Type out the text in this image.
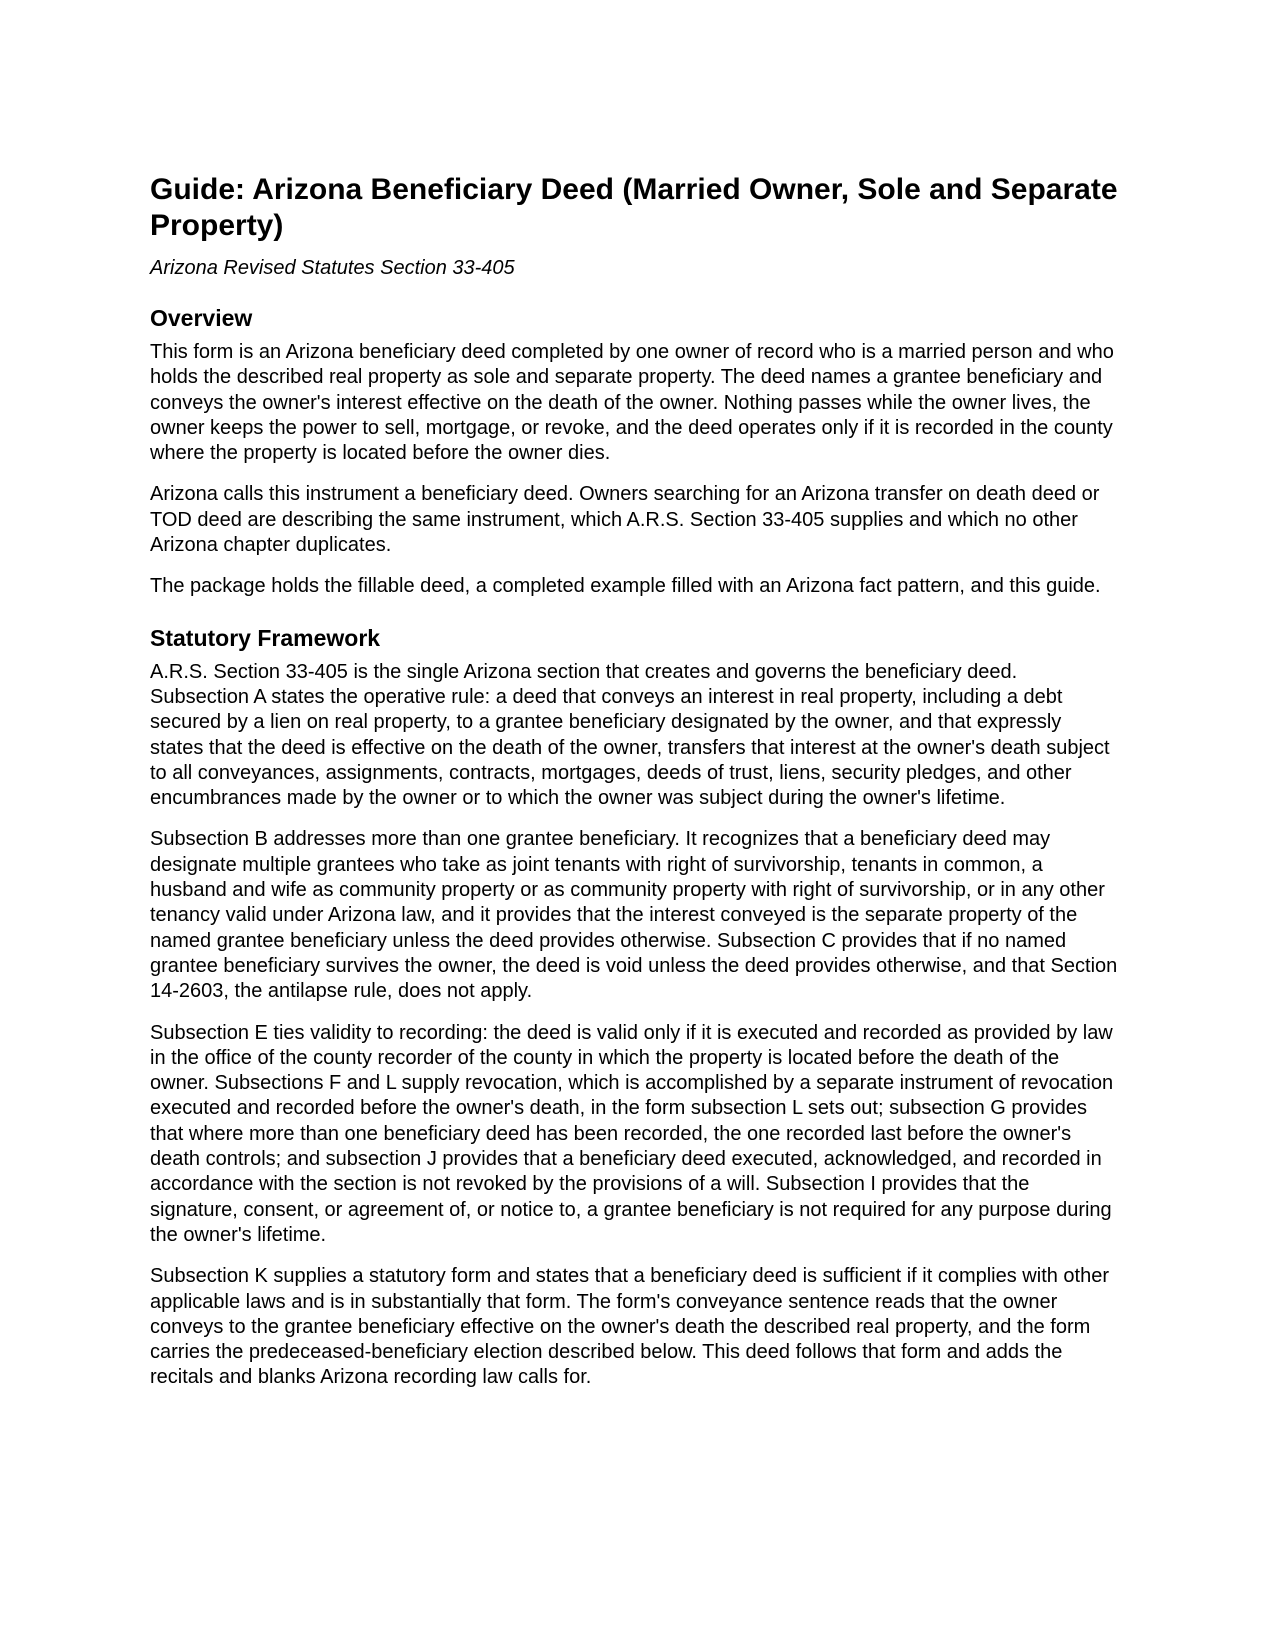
Guide: Arizona Beneficiary Deed (Married Owner, Sole and Separate Property)

Arizona Revised Statutes Section 33-405

Overview

This form is an Arizona beneficiary deed completed by one owner of record who is a married person and who holds the described real property as sole and separate property. The deed names a grantee beneficiary and conveys the owner's interest effective on the death of the owner. Nothing passes while the owner lives, the owner keeps the power to sell, mortgage, or revoke, and the deed operates only if it is recorded in the county where the property is located before the owner dies.

Arizona calls this instrument a beneficiary deed. Owners searching for an Arizona transfer on death deed or TOD deed are describing the same instrument, which A.R.S. Section 33-405 supplies and which no other Arizona chapter duplicates.

The package holds the fillable deed, a completed example filled with an Arizona fact pattern, and this guide.

Statutory Framework

A.R.S. Section 33-405 is the single Arizona section that creates and governs the beneficiary deed. Subsection A states the operative rule: a deed that conveys an interest in real property, including a debt secured by a lien on real property, to a grantee beneficiary designated by the owner, and that expressly states that the deed is effective on the death of the owner, transfers that interest at the owner's death subject to all conveyances, assignments, contracts, mortgages, deeds of trust, liens, security pledges, and other encumbrances made by the owner or to which the owner was subject during the owner's lifetime.

Subsection B addresses more than one grantee beneficiary. It recognizes that a beneficiary deed may designate multiple grantees who take as joint tenants with right of survivorship, tenants in common, a husband and wife as community property or as community property with right of survivorship, or in any other tenancy valid under Arizona law, and it provides that the interest conveyed is the separate property of the named grantee beneficiary unless the deed provides otherwise. Subsection C provides that if no named grantee beneficiary survives the owner, the deed is void unless the deed provides otherwise, and that Section 14-2603, the antilapse rule, does not apply.

Subsection E ties validity to recording: the deed is valid only if it is executed and recorded as provided by law in the office of the county recorder of the county in which the property is located before the death of the owner. Subsections F and L supply revocation, which is accomplished by a separate instrument of revocation executed and recorded before the owner's death, in the form subsection L sets out; subsection G provides that where more than one beneficiary deed has been recorded, the one recorded last before the owner's death controls; and subsection J provides that a beneficiary deed executed, acknowledged, and recorded in accordance with the section is not revoked by the provisions of a will. Subsection I provides that the signature, consent, or agreement of, or notice to, a grantee beneficiary is not required for any purpose during the owner's lifetime.

Subsection K supplies a statutory form and states that a beneficiary deed is sufficient if it complies with other applicable laws and is in substantially that form. The form's conveyance sentence reads that the owner conveys to the grantee beneficiary effective on the owner's death the described real property, and the form carries the predeceased-beneficiary election described below. This deed follows that form and adds the recitals and blanks Arizona recording law calls for.
